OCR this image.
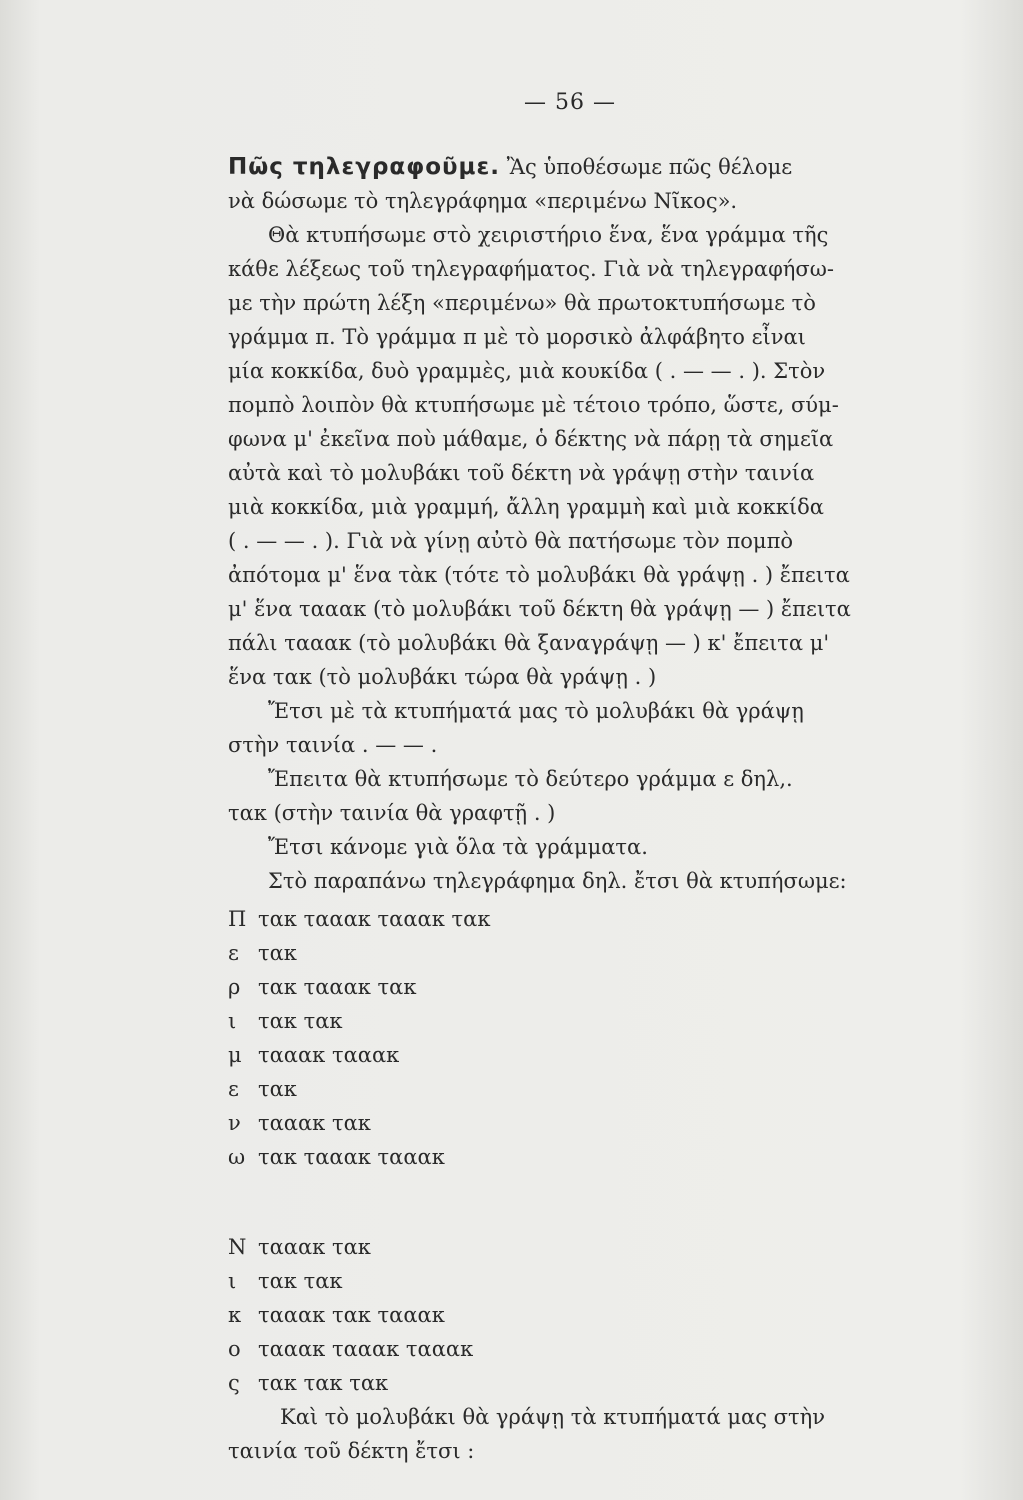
— 56 —
Πῶς τηλεγραφοῦμε. Ἂς ὑποθέσωμε πῶς θέλομε
νὰ δώσωμε τὸ τηλεγράφημα «περιμένω Νῖκος».
Θὰ κτυπήσωμε στὸ χειριστήριο ἕνα, ἕνα γράμμα τῆς
κάθε λέξεως τοῦ τηλεγραφήματος. Γιὰ νὰ τηλεγραφήσω-
με τὴν πρώτη λέξη «περιμένω» θὰ πρωτοκτυπήσωμε τὸ
γράμμα π. Τὸ γράμμα π μὲ τὸ μορσικὸ ἀλφάβητο εἶναι
μία κοκκίδα, δυὸ γραμμὲς, μιὰ κουκίδα ( . — — . ). Στὸν
πομπὸ λοιπὸν θὰ κτυπήσωμε μὲ τέτοιο τρόπο, ὥστε, σύμ-
φωνα μ' ἐκεῖνα ποὺ μάθαμε, ὁ δέκτης νὰ πάρῃ τὰ σημεῖα
αὐτὰ καὶ τὸ μολυβάκι τοῦ δέκτη νὰ γράψῃ στὴν ταινία
μιὰ κοκκίδα, μιὰ γραμμή, ἄλλη γραμμὴ καὶ μιὰ κοκκίδα
( . — — . ). Γιὰ νὰ γίνῃ αὐτὸ θὰ πατήσωμε τὸν πομπὸ
ἀπότομα μ' ἕνα τὰκ (τότε τὸ μολυβάκι θὰ γράψῃ . ) ἔπειτα
μ' ἕνα τααακ (τὸ μολυβάκι τοῦ δέκτη θὰ γράψῃ — ) ἔπειτα
πάλι τααακ (τὸ μολυβάκι θὰ ξαναγράψῃ — ) κ' ἔπειτα μ'
ἕνα τακ (τὸ μολυβάκι τώρα θὰ γράψῃ . )
Ἔτσι μὲ τὰ κτυπήματά μας τὸ μολυβάκι θὰ γράψῃ
στὴν ταινία . — — .
Ἔπειτα θὰ κτυπήσωμε τὸ δεύτερο γράμμα ε δηλ,.
τακ (στὴν ταινία θὰ γραφτῇ . )
Ἔτσι κάνομε γιὰ ὅλα τὰ γράμματα.
Στὸ παραπάνω τηλεγράφημα δηλ. ἔτσι θὰ κτυπήσωμε:
Π τακ τααακ τααακ τακ
ε τακ
ρ τακ τααακ τακ
ι	τακ τακ
μ τααακ τααακ
ε τακ
ν τααακ τακ
ω τακ τααακ τααακ
Ν τααακ τακ
ι	τακ τακ
κ τααακ τακ τααακ
ο τααακ τααακ τααακ
ς τακ τακ τακ
Καὶ τὸ μολυβάκι θὰ γράψῃ τὰ κτυπήματά μας στὴν
ταινία τοῦ δέκτη ἔτσι :
